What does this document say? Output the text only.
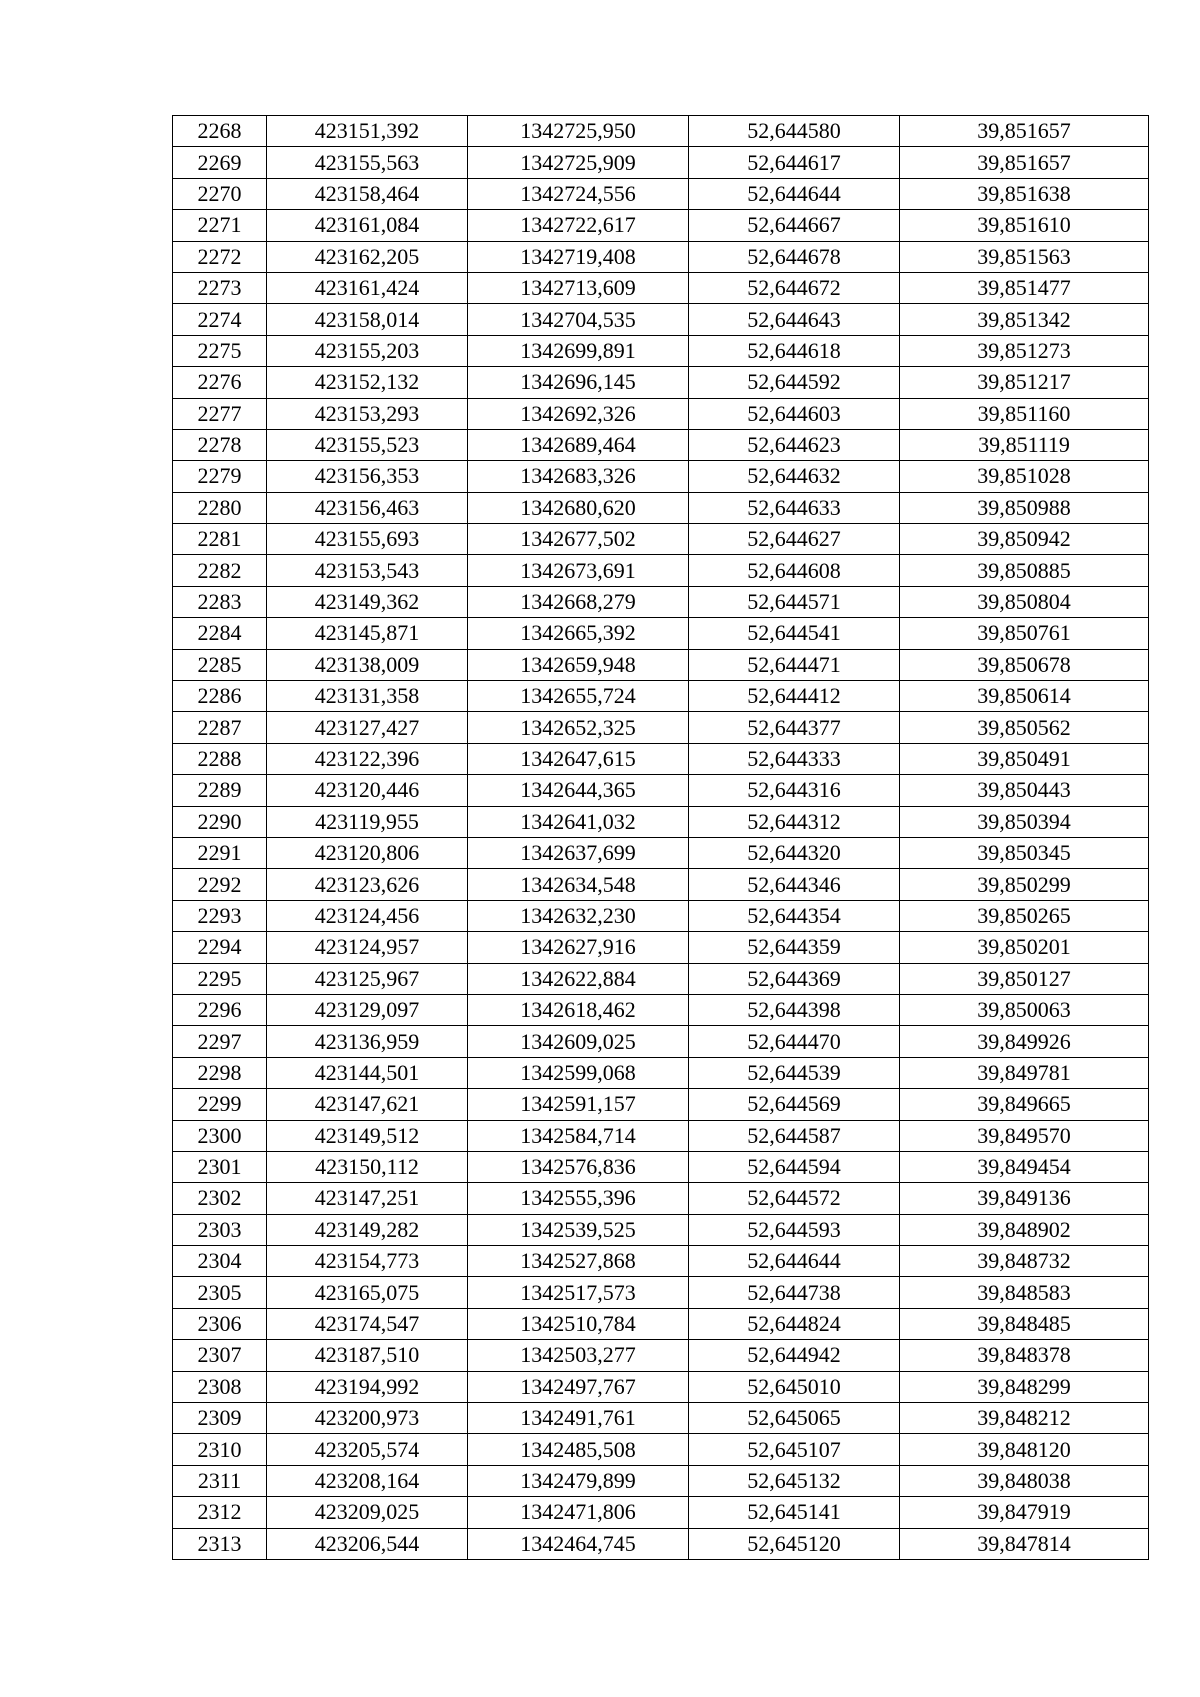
2268	423151,392	1342725,950	52,644580	39,851657
2269	423155,563	1342725,909	52,644617	39,851657
2270	423158,464	1342724,556	52,644644	39,851638
2271	423161,084	1342722,617	52,644667	39,851610
2272	423162,205	1342719,408	52,644678	39,851563
2273	423161,424	1342713,609	52,644672	39,851477
2274	423158,014	1342704,535	52,644643	39,851342
2275	423155,203	1342699,891	52,644618	39,851273
2276	423152,132	1342696,145	52,644592	39,851217
2277	423153,293	1342692,326	52,644603	39,851160
2278	423155,523	1342689,464	52,644623	39,851119
2279	423156,353	1342683,326	52,644632	39,851028
2280	423156,463	1342680,620	52,644633	39,850988
2281	423155,693	1342677,502	52,644627	39,850942
2282	423153,543	1342673,691	52,644608	39,850885
2283	423149,362	1342668,279	52,644571	39,850804
2284	423145,871	1342665,392	52,644541	39,850761
2285	423138,009	1342659,948	52,644471	39,850678
2286	423131,358	1342655,724	52,644412	39,850614
2287	423127,427	1342652,325	52,644377	39,850562
2288	423122,396	1342647,615	52,644333	39,850491
2289	423120,446	1342644,365	52,644316	39,850443
2290	423119,955	1342641,032	52,644312	39,850394
2291	423120,806	1342637,699	52,644320	39,850345
2292	423123,626	1342634,548	52,644346	39,850299
2293	423124,456	1342632,230	52,644354	39,850265
2294	423124,957	1342627,916	52,644359	39,850201
2295	423125,967	1342622,884	52,644369	39,850127
2296	423129,097	1342618,462	52,644398	39,850063
2297	423136,959	1342609,025	52,644470	39,849926
2298	423144,501	1342599,068	52,644539	39,849781
2299	423147,621	1342591,157	52,644569	39,849665
2300	423149,512	1342584,714	52,644587	39,849570
2301	423150,112	1342576,836	52,644594	39,849454
2302	423147,251	1342555,396	52,644572	39,849136
2303	423149,282	1342539,525	52,644593	39,848902
2304	423154,773	1342527,868	52,644644	39,848732
2305	423165,075	1342517,573	52,644738	39,848583
2306	423174,547	1342510,784	52,644824	39,848485
2307	423187,510	1342503,277	52,644942	39,848378
2308	423194,992	1342497,767	52,645010	39,848299
2309	423200,973	1342491,761	52,645065	39,848212
2310	423205,574	1342485,508	52,645107	39,848120
2311	423208,164	1342479,899	52,645132	39,848038
2312	423209,025	1342471,806	52,645141	39,847919
2313	423206,544	1342464,745	52,645120	39,847814
